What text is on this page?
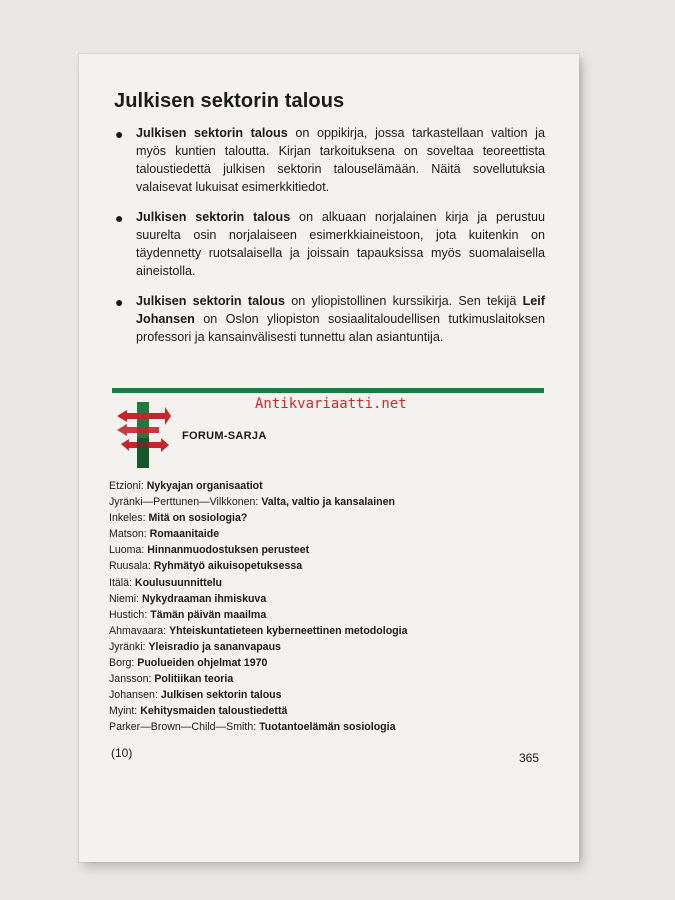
Julkisen sektorin talous
● Julkisen sektorin talous on oppikirja, jossa tarkastellaan valtion ja myös kuntien taloutta. Kirjan tarkoituksena on soveltaa teoreettista taloustiedettä julkisen sektorin talouselämään. Näitä sovellutuksia valaisevat lukuisat esimerkkitiedot.
● Julkisen sektorin talous on alkuaan norjalainen kirja ja perustuu suurelta osin norjalaiseen esimerkkiaineistoon, jota kuitenkin on täydennetty ruotsalaisella ja joissain tapauksissa myös suomalaisella aineistolla.
● Julkisen sektorin talous on yliopistollinen kurssikirja. Sen tekijä Leif Johansen on Oslon yliopiston sosiaalitaloudellisen tutkimuslaitoksen professori ja kansainvälisesti tunnettu alan asiantuntija.
Antikvariaatti.net
FORUM-SARJA
Etzioni: Nykyajan organisaatiot
Jyränki—Perttunen—Vilkkonen: Valta, valtio ja kansalainen
Inkeles: Mitä on sosiologia?
Matson: Romaanitaide
Luoma: Hinnanmuodostuksen perusteet
Ruusala: Ryhmätyö aikuisopetuksessa
Itälä: Koulusuunnittelu
Niemi: Nykydraaman ihmiskuva
Hustich: Tämän päivän maailma
Ahmavaara: Yhteiskuntatieteen kyberneettinen metodologia
Jyränki: Yleisradio ja sananvapaus
Borg: Puolueiden ohjelmat 1970
Jansson: Politiikan teoria
Johansen: Julkisen sektorin talous
Myint: Kehitysmaiden taloustiedettä
Parker—Brown—Child—Smith: Tuotantoelämän sosiologia
(10)	365
